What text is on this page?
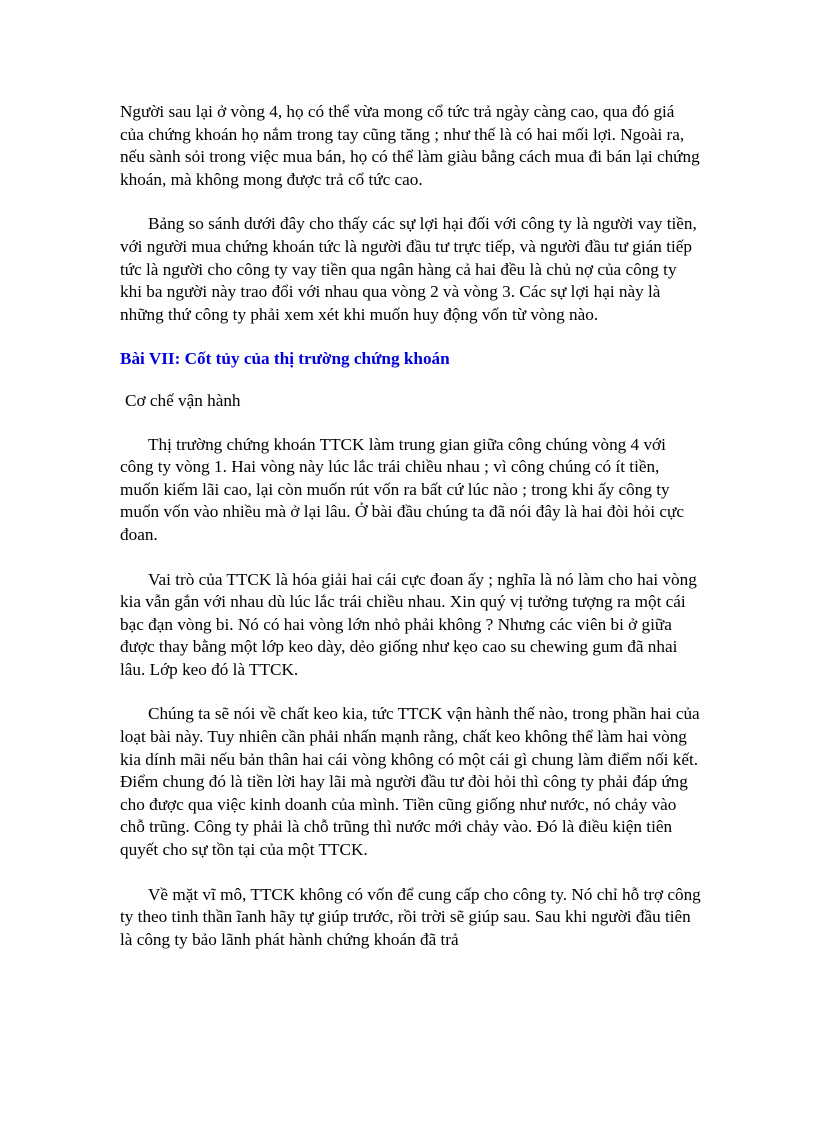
Người sau lại ở vòng 4, họ có thể vừa mong cổ tức trả ngày càng cao, qua đó giá của chứng khoán họ nắm trong tay cũng tăng ; như thế là có hai mối lợi. Ngoài ra, nếu sành sỏi trong việc mua bán, họ có thể làm giàu bằng cách mua đi bán lại chứng khoán, mà không mong được trả cổ tức cao.

Bảng so sánh dưới đây cho thấy các sự lợi hại đối với công ty là người vay tiền, với người mua chứng khoán tức là người đầu tư trực tiếp, và người đầu tư gián tiếp tức là người cho công ty vay tiền qua ngân hàng cả hai đều là chủ nợ của công ty khi ba người này trao đổi với nhau qua vòng 2 và vòng 3. Các sự lợi hại này là những thứ công ty phải xem xét khi muốn huy động vốn từ vòng nào.

Bài VII: Cốt tủy của thị trường chứng khoán

Cơ chế vận hành

Thị trường chứng khoán TTCK làm trung gian giữa công chúng vòng 4 với công ty vòng 1. Hai vòng này lúc lắc trái chiều nhau ; vì công chúng có ít tiền, muốn kiếm lãi cao, lại còn muốn rút vốn ra bất cứ lúc nào ; trong khi ấy công ty muốn vốn vào nhiều mà ở lại lâu. Ở bài đầu chúng ta đã nói đây là hai đòi hỏi cực đoan.

Vai trò của TTCK là hóa giải hai cái cực đoan ấy ; nghĩa là nó làm cho hai vòng kia vẫn gắn với nhau dù lúc lắc trái chiều nhau. Xin quý vị tưởng tượng ra một cái bạc đạn vòng bi. Nó có hai vòng lớn nhỏ phải không ? Nhưng các viên bi ở giữa được thay bằng một lớp keo dày, dẻo giống như kẹo cao su chewing gum đã nhai lâu. Lớp keo đó là TTCK.

Chúng ta sẽ nói về chất keo kia, tức TTCK vận hành thế nào, trong phần hai của loạt bài này. Tuy nhiên cần phải nhấn mạnh rằng, chất keo không thể làm hai vòng kia dính mãi nếu bản thân hai cái vòng không có một cái gì chung làm điểm nối kết. Điểm chung đó là tiền lời hay lãi mà người đầu tư đòi hỏi thì công ty phải đáp ứng cho được qua việc kinh doanh của mình. Tiền cũng giống như nước, nó chảy vào chỗ trũng. Công ty phải là chỗ trũng thì nước mới chảy vào. Đó là điều kiện tiên quyết cho sự tồn tại của một TTCK.

Về mặt vĩ mô, TTCK không có vốn để cung cấp cho công ty. Nó chỉ hỗ trợ công ty theo tinh thần ĩanh hãy tự giúp trước, rồi trời sẽ giúp sau. Sau khi người đầu tiên là công ty bảo lãnh phát hành chứng khoán đã trả
